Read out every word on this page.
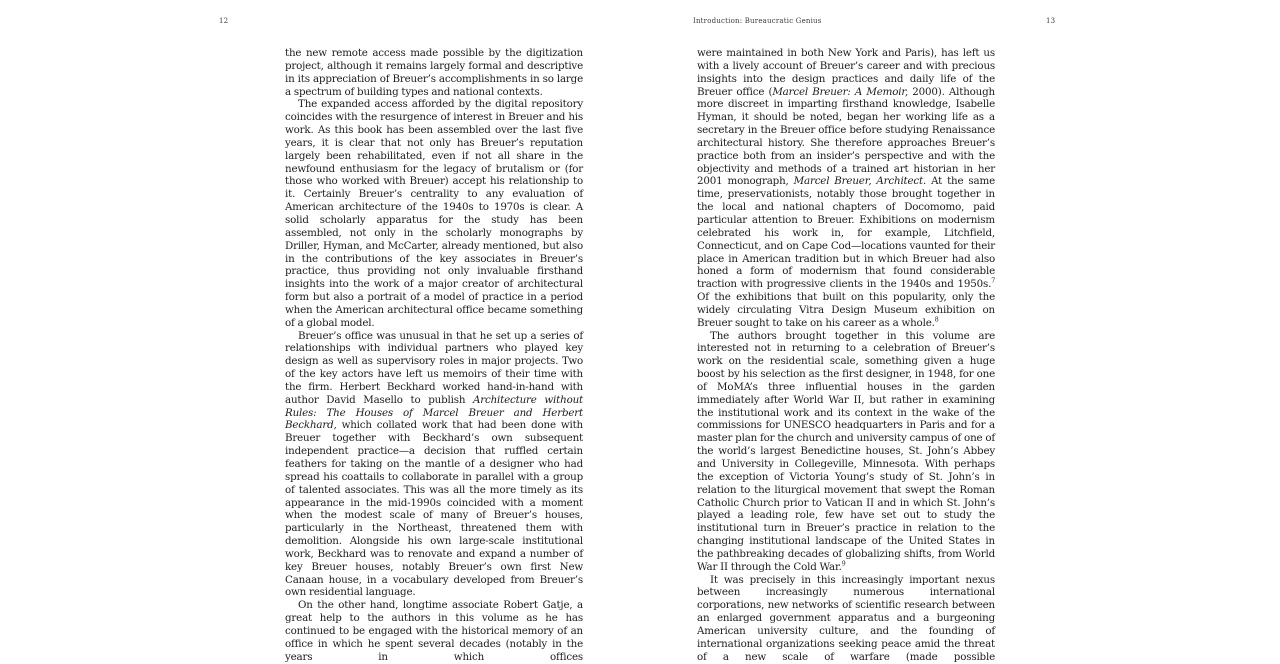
12	Introduction: Bureaucratic Genius	13

the new remote access made possible by the digitization project, although it remains largely formal and descriptive in its appreciation of Breuer’s accomplishments in so large a spectrum of building types and national contexts.

The expanded access afforded by the digital repository coincides with the resurgence of interest in Breuer and his work. As this book has been assembled over the last five years, it is clear that not only has Breuer’s reputation largely been rehabilitated, even if not all share in the newfound enthusiasm for the legacy of brutalism or (for those who worked with Breuer) accept his relationship to it. Certainly Breuer’s centrality to any evaluation of American architecture of the 1940s to 1970s is clear. A solid scholarly apparatus for the study has been assembled, not only in the scholarly monographs by Driller, Hyman, and McCarter, already mentioned, but also in the contributions of the key associates in Breuer’s practice, thus providing not only invaluable firsthand insights into the work of a major creator of architectural form but also a portrait of a model of practice in a period when the American architectural office became something of a global model.

Breuer’s office was unusual in that he set up a series of relationships with individual partners who played key design as well as supervisory roles in major projects. Two of the key actors have left us memoirs of their time with the firm. Herbert Beckhard worked hand-in-hand with author David Masello to publish Architecture without Rules: The Houses of Marcel Breuer and Herbert Beckhard, which collated work that had been done with Breuer together with Beckhard’s own subsequent independent practice—a decision that ruffled certain feathers for taking on the mantle of a designer who had spread his coattails to collaborate in parallel with a group of talented associates. This was all the more timely as its appearance in the mid-1990s coincided with a moment when the modest scale of many of Breuer’s houses, particularly in the Northeast, threatened them with demolition. Alongside his own large-scale institutional work, Beckhard was to renovate and expand a number of key Breuer houses, notably Breuer’s own first New Canaan house, in a vocabulary developed from Breuer’s own residential language.

On the other hand, longtime associate Robert Gatje, a great help to the authors in this volume as he has continued to be engaged with the historical memory of an office in which he spent several decades (notably in the years in which offices

were maintained in both New York and Paris), has left us with a lively account of Breuer’s career and with precious insights into the design practices and daily life of the Breuer office (Marcel Breuer: A Memoir, 2000). Although more discreet in imparting firsthand knowledge, Isabelle Hyman, it should be noted, began her working life as a secretary in the Breuer office before studying Renaissance architectural history. She therefore approaches Breuer’s practice both from an insider’s perspective and with the objectivity and methods of a trained art historian in her 2001 monograph, Marcel Breuer, Architect. At the same time, preservationists, notably those brought together in the local and national chapters of Docomomo, paid particular attention to Breuer. Exhibitions on modernism celebrated his work in, for example, Litchfield, Connecticut, and on Cape Cod—locations vaunted for their place in American tradition but in which Breuer had also honed a form of modernism that found considerable traction with progressive clients in the 1940s and 1950s.$^7$ Of the exhibitions that built on this popularity, only the widely circulating Vitra Design Museum exhibition on Breuer sought to take on his career as a whole.$^8$

The authors brought together in this volume are interested not in returning to a celebration of Breuer’s work on the residential scale, something given a huge boost by his selection as the first designer, in 1948, for one of MoMA’s three influential houses in the garden immediately after World War II, but rather in examining the institutional work and its context in the wake of the commissions for UNESCO headquarters in Paris and for a master plan for the church and university campus of one of the world’s largest Benedictine houses, St. John’s Abbey and University in Collegeville, Minnesota. With perhaps the exception of Victoria Young’s study of St. John’s in relation to the liturgical movement that swept the Roman Catholic Church prior to Vatican II and in which St. John’s played a leading role, few have set out to study the institutional turn in Breuer’s practice in relation to the changing institutional landscape of the United States in the pathbreaking decades of globalizing shifts, from World War II through the Cold War.$^9$

It was precisely in this increasingly important nexus between increasingly numerous international corporations, new networks of scientific research between an enlarged government apparatus and a burgeoning American university culture, and the founding of international organizations seeking peace amid the threat of a new scale of warfare (made possible
